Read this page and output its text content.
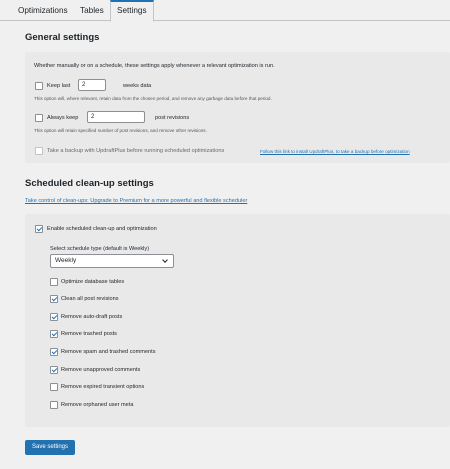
Optimizations	Tables	Settings
General settings
Whether manually or on a schedule, these settings apply whenever a relevant optimization is run.
Keep last	2	weeks data
This option will, where relevant, retain data from the chosen period, and remove any garbage data before that period.
Always keep	2	post revisions
This option will retain specified number of post revisions, and remove other revisions.
Take a backup with UpdraftPlus before running scheduled optimizations	Follow this link to install UpdraftPlus, to take a backup before optimization
Scheduled clean-up settings
Take control of clean-ups: Upgrade to Premium for a more powerful and flexible scheduler
Enable scheduled clean-up and optimization
Select schedule type (default is Weekly)
Weekly
Optimize database tables
Clean all post revisions
Remove auto-draft posts
Remove trashed posts
Remove spam and trashed comments
Remove unapproved comments
Remove expired transient options
Remove orphaned user meta
Save settings
